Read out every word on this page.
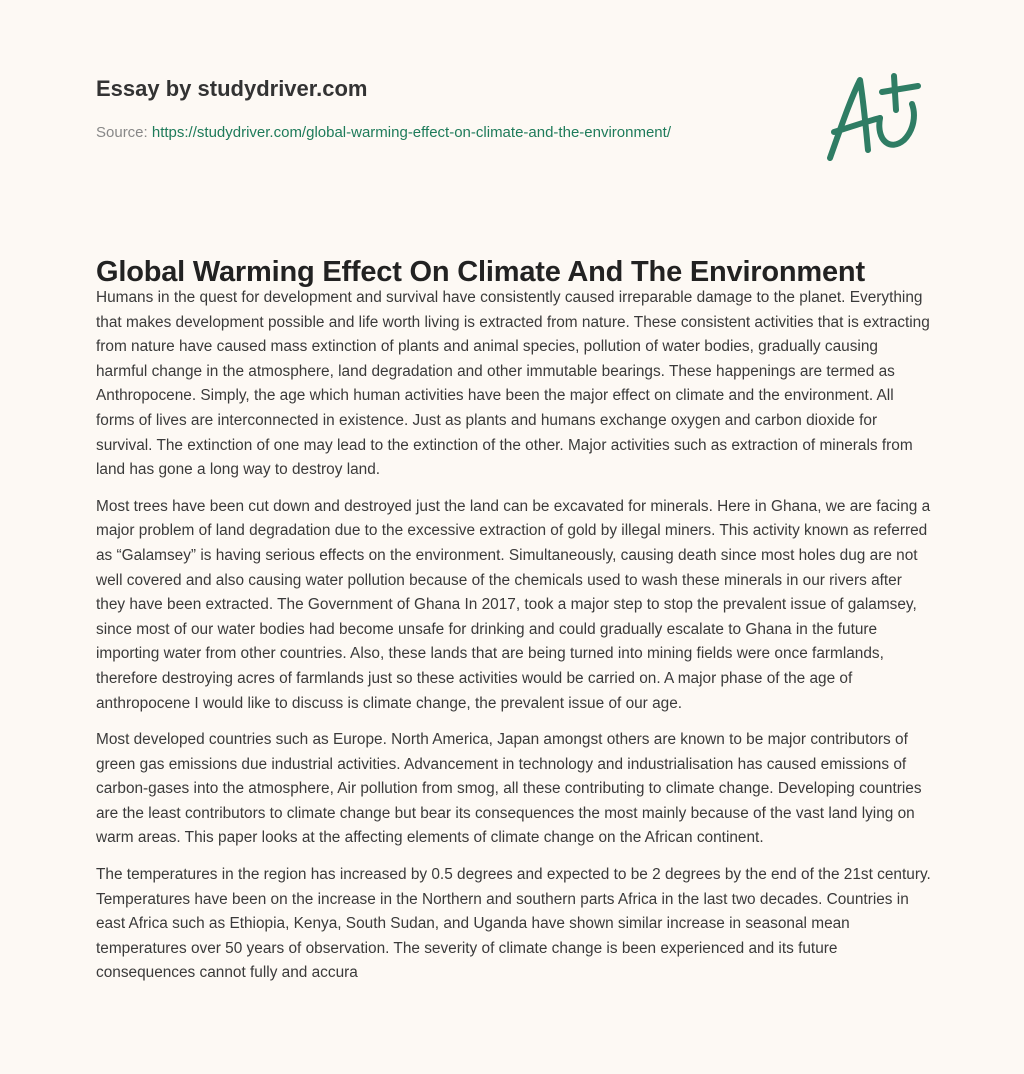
Essay by studydriver.com
Source: https://studydriver.com/global-warming-effect-on-climate-and-the-environment/
Global Warming Effect On Climate And The Environment

Humans in the quest for development and survival have consistently caused irreparable damage to the planet. Everything that makes development possible and life worth living is extracted from nature. These consistent activities that is extracting from nature have caused mass extinction of plants and animal species, pollution of water bodies, gradually causing harmful change in the atmosphere, land degradation and other immutable bearings. These happenings are termed as Anthropocene. Simply, the age which human activities have been the major effect on climate and the environment. All forms of lives are interconnected in existence. Just as plants and humans exchange oxygen and carbon dioxide for survival. The extinction of one may lead to the extinction of the other. Major activities such as extraction of minerals from land has gone a long way to destroy land.

Most trees have been cut down and destroyed just the land can be excavated for minerals. Here in Ghana, we are facing a major problem of land degradation due to the excessive extraction of gold by illegal miners. This activity known as referred as “Galamsey” is having serious effects on the environment. Simultaneously, causing death since most holes dug are not well covered and also causing water pollution because of the chemicals used to wash these minerals in our rivers after they have been extracted. The Government of Ghana In 2017, took a major step to stop the prevalent issue of galamsey, since most of our water bodies had become unsafe for drinking and could gradually escalate to Ghana in the future importing water from other countries. Also, these lands that are being turned into mining fields were once farmlands, therefore destroying acres of farmlands just so these activities would be carried on. A major phase of the age of anthropocene I would like to discuss is climate change, the prevalent issue of our age.

Most developed countries such as Europe. North America, Japan amongst others are known to be major contributors of green gas emissions due industrial activities. Advancement in technology and industrialisation has caused emissions of carbon-gases into the atmosphere, Air pollution from smog, all these contributing to climate change. Developing countries are the least contributors to climate change but bear its consequences the most mainly because of the vast land lying on warm areas. This paper looks at the affecting elements of climate change on the African continent.

The temperatures in the region has increased by 0.5 degrees and expected to be 2 degrees by the end of the 21st century. Temperatures have been on the increase in the Northern and southern parts Africa in the last two decades. Countries in east Africa such as Ethiopia, Kenya, South Sudan, and Uganda have shown similar increase in seasonal mean temperatures over 50 years of observation. The severity of climate change is been experienced and its future consequences cannot fully and accura
